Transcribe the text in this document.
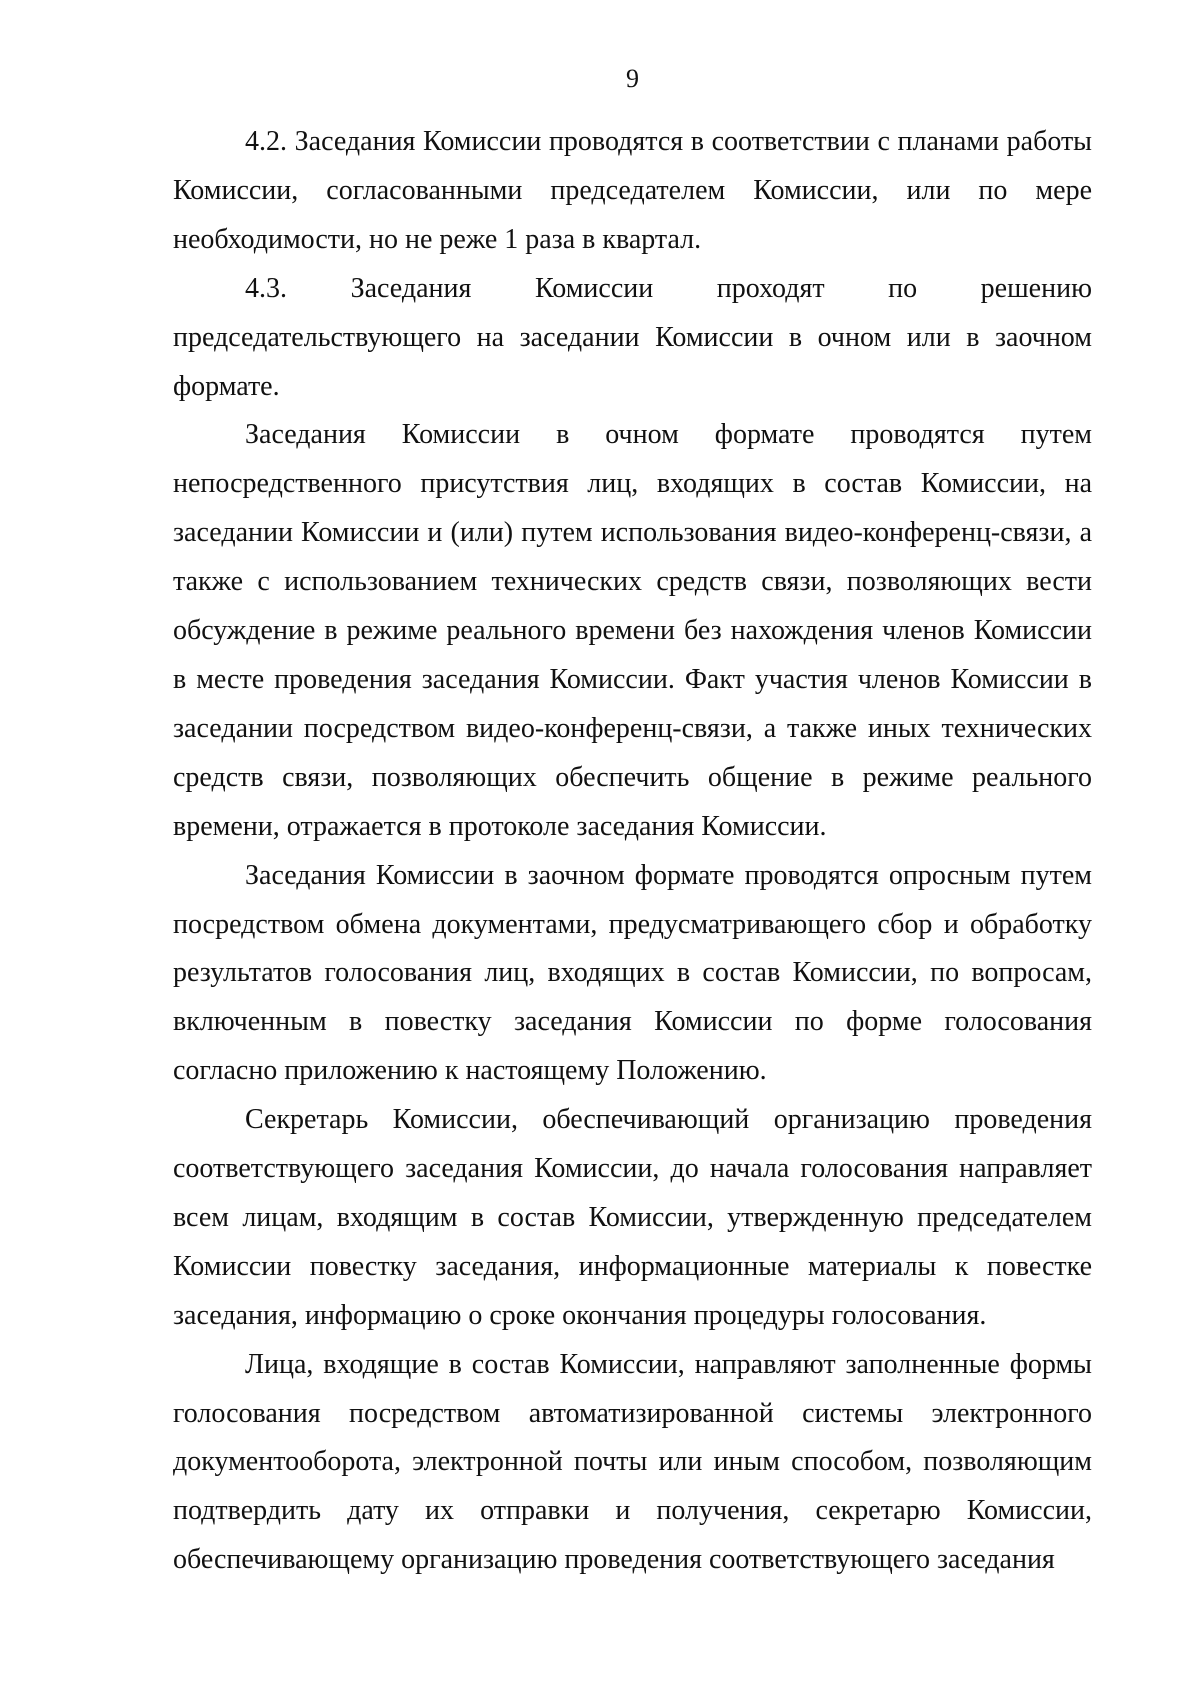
9

4.2. Заседания Комиссии проводятся в соответствии с планами работы Комиссии, согласованными председателем Комиссии, или по мере необходимости, но не реже 1 раза в квартал.

4.3. Заседания Комиссии проходят по решению председательствующего на заседании Комиссии в очном или в заочном формате.

Заседания Комиссии в очном формате проводятся путем непосредственного присутствия лиц, входящих в состав Комиссии, на заседании Комиссии и (или) путем использования видео-конференц-связи, а также с использованием технических средств связи, позволяющих вести обсуждение в режиме реального времени без нахождения членов Комиссии в месте проведения заседания Комиссии. Факт участия членов Комиссии в заседании посредством видео-конференц-связи, а также иных технических средств связи, позволяющих обеспечить общение в режиме реального времени, отражается в протоколе заседания Комиссии.

Заседания Комиссии в заочном формате проводятся опросным путем посредством обмена документами, предусматривающего сбор и обработку результатов голосования лиц, входящих в состав Комиссии, по вопросам, включенным в повестку заседания Комиссии по форме голосования согласно приложению к настоящему Положению.

Секретарь Комиссии, обеспечивающий организацию проведения соответствующего заседания Комиссии, до начала голосования направляет всем лицам, входящим в состав Комиссии, утвержденную председателем Комиссии повестку заседания, информационные материалы к повестке заседания, информацию о сроке окончания процедуры голосования.

Лица, входящие в состав Комиссии, направляют заполненные формы голосования посредством автоматизированной системы электронного документооборота, электронной почты или иным способом, позволяющим подтвердить дату их отправки и получения, секретарю Комиссии, обеспечивающему организацию проведения соответствующего заседания
